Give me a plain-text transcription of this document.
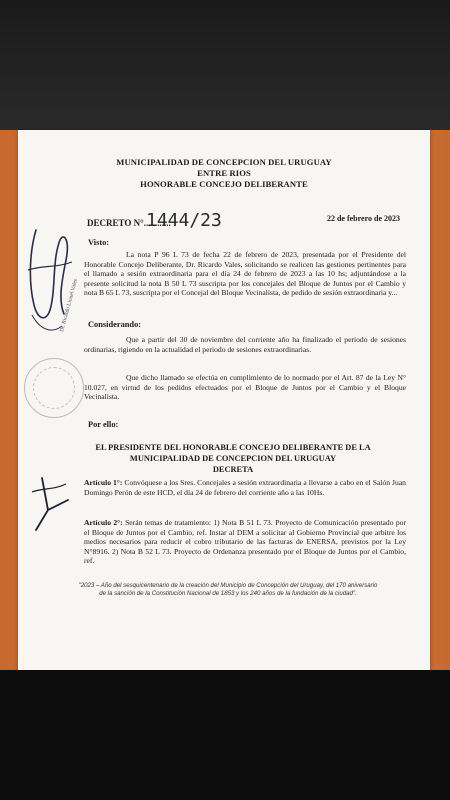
MUNICIPALIDAD DE CONCEPCION DEL URUGUAY
ENTRE RIOS
HONORABLE CONCEJO DELIBERANTE
DECRETO N°............
1444/23	22 de febrero de 2023
Visto:
La nota P 96 L 73 de fecha 22 de febrero de 2023, presentada por el Presidente del Honorable Concejo Deliberante, Dr. Ricardo Vales, solicitando se realicen las gestiones pertinentes para el llamado a sesión extraordinaria para el día 24 de febrero de 2023 a las 10 hs; adjuntándose a la presente solicitud la nota B 50 L 73 suscripta por los concejales del Bloque de Juntos por el Cambio y nota B 65 L 73, suscripta por el Concejal del Bloque Vecinalista, de pedido de sesión extraordinaria y...
Considerando:
Que a partir del 30 de noviembre del corriente año ha finalizado el periodo de sesiones ordinarias, rigiendo en la actualidad el periodo de sesiones extraordinarias.
Que dicho llamado se efectúa en cumplimiento de lo normado por el Art. 87 de la Ley N° 10.027, en virtud de los pedidos efectuados por el Bloque de Juntos por el Cambio y el Bloque Vecinalista.
Por ello:
EL PRESIDENTE DEL HONORABLE CONCEJO DELIBERANTE DE LA
MUNICIPALIDAD DE CONCEPCION DEL URUGUAY
DECRETA
Artículo 1°: Convóquese a los Sres. Concejales a sesión extraordinaria a llevarse a cabo en el Salón Juan Domingo Perón de este HCD, el día 24 de febrero del corriente año a las 10Hs.
Artículo 2°: Serán temas de tratamiento: 1) Nota B 51 L 73. Proyecto de Comunicación presentado por el Bloque de Juntos por el Cambio, ref. Instar al DEM a solicitar al Gobierno Provincial que arbitre los medios necesarios para reducir el cobro tributario de las facturas de ENERSA, previstos por la Ley N°8916. 2) Nota B 52 L 73. Proyecto de Ordenanza presentado por el Bloque de Juntos por el Cambio, ref.
"2023 – Año del sesquicentenario de la creación del Municipio de Concepción del Uruguay, del 170 aniversario de la sanción de la Constitución Nacional de 1853 y los 240 años de la fundación de la ciudad".
Dr. Ricardo Lionel Vales
